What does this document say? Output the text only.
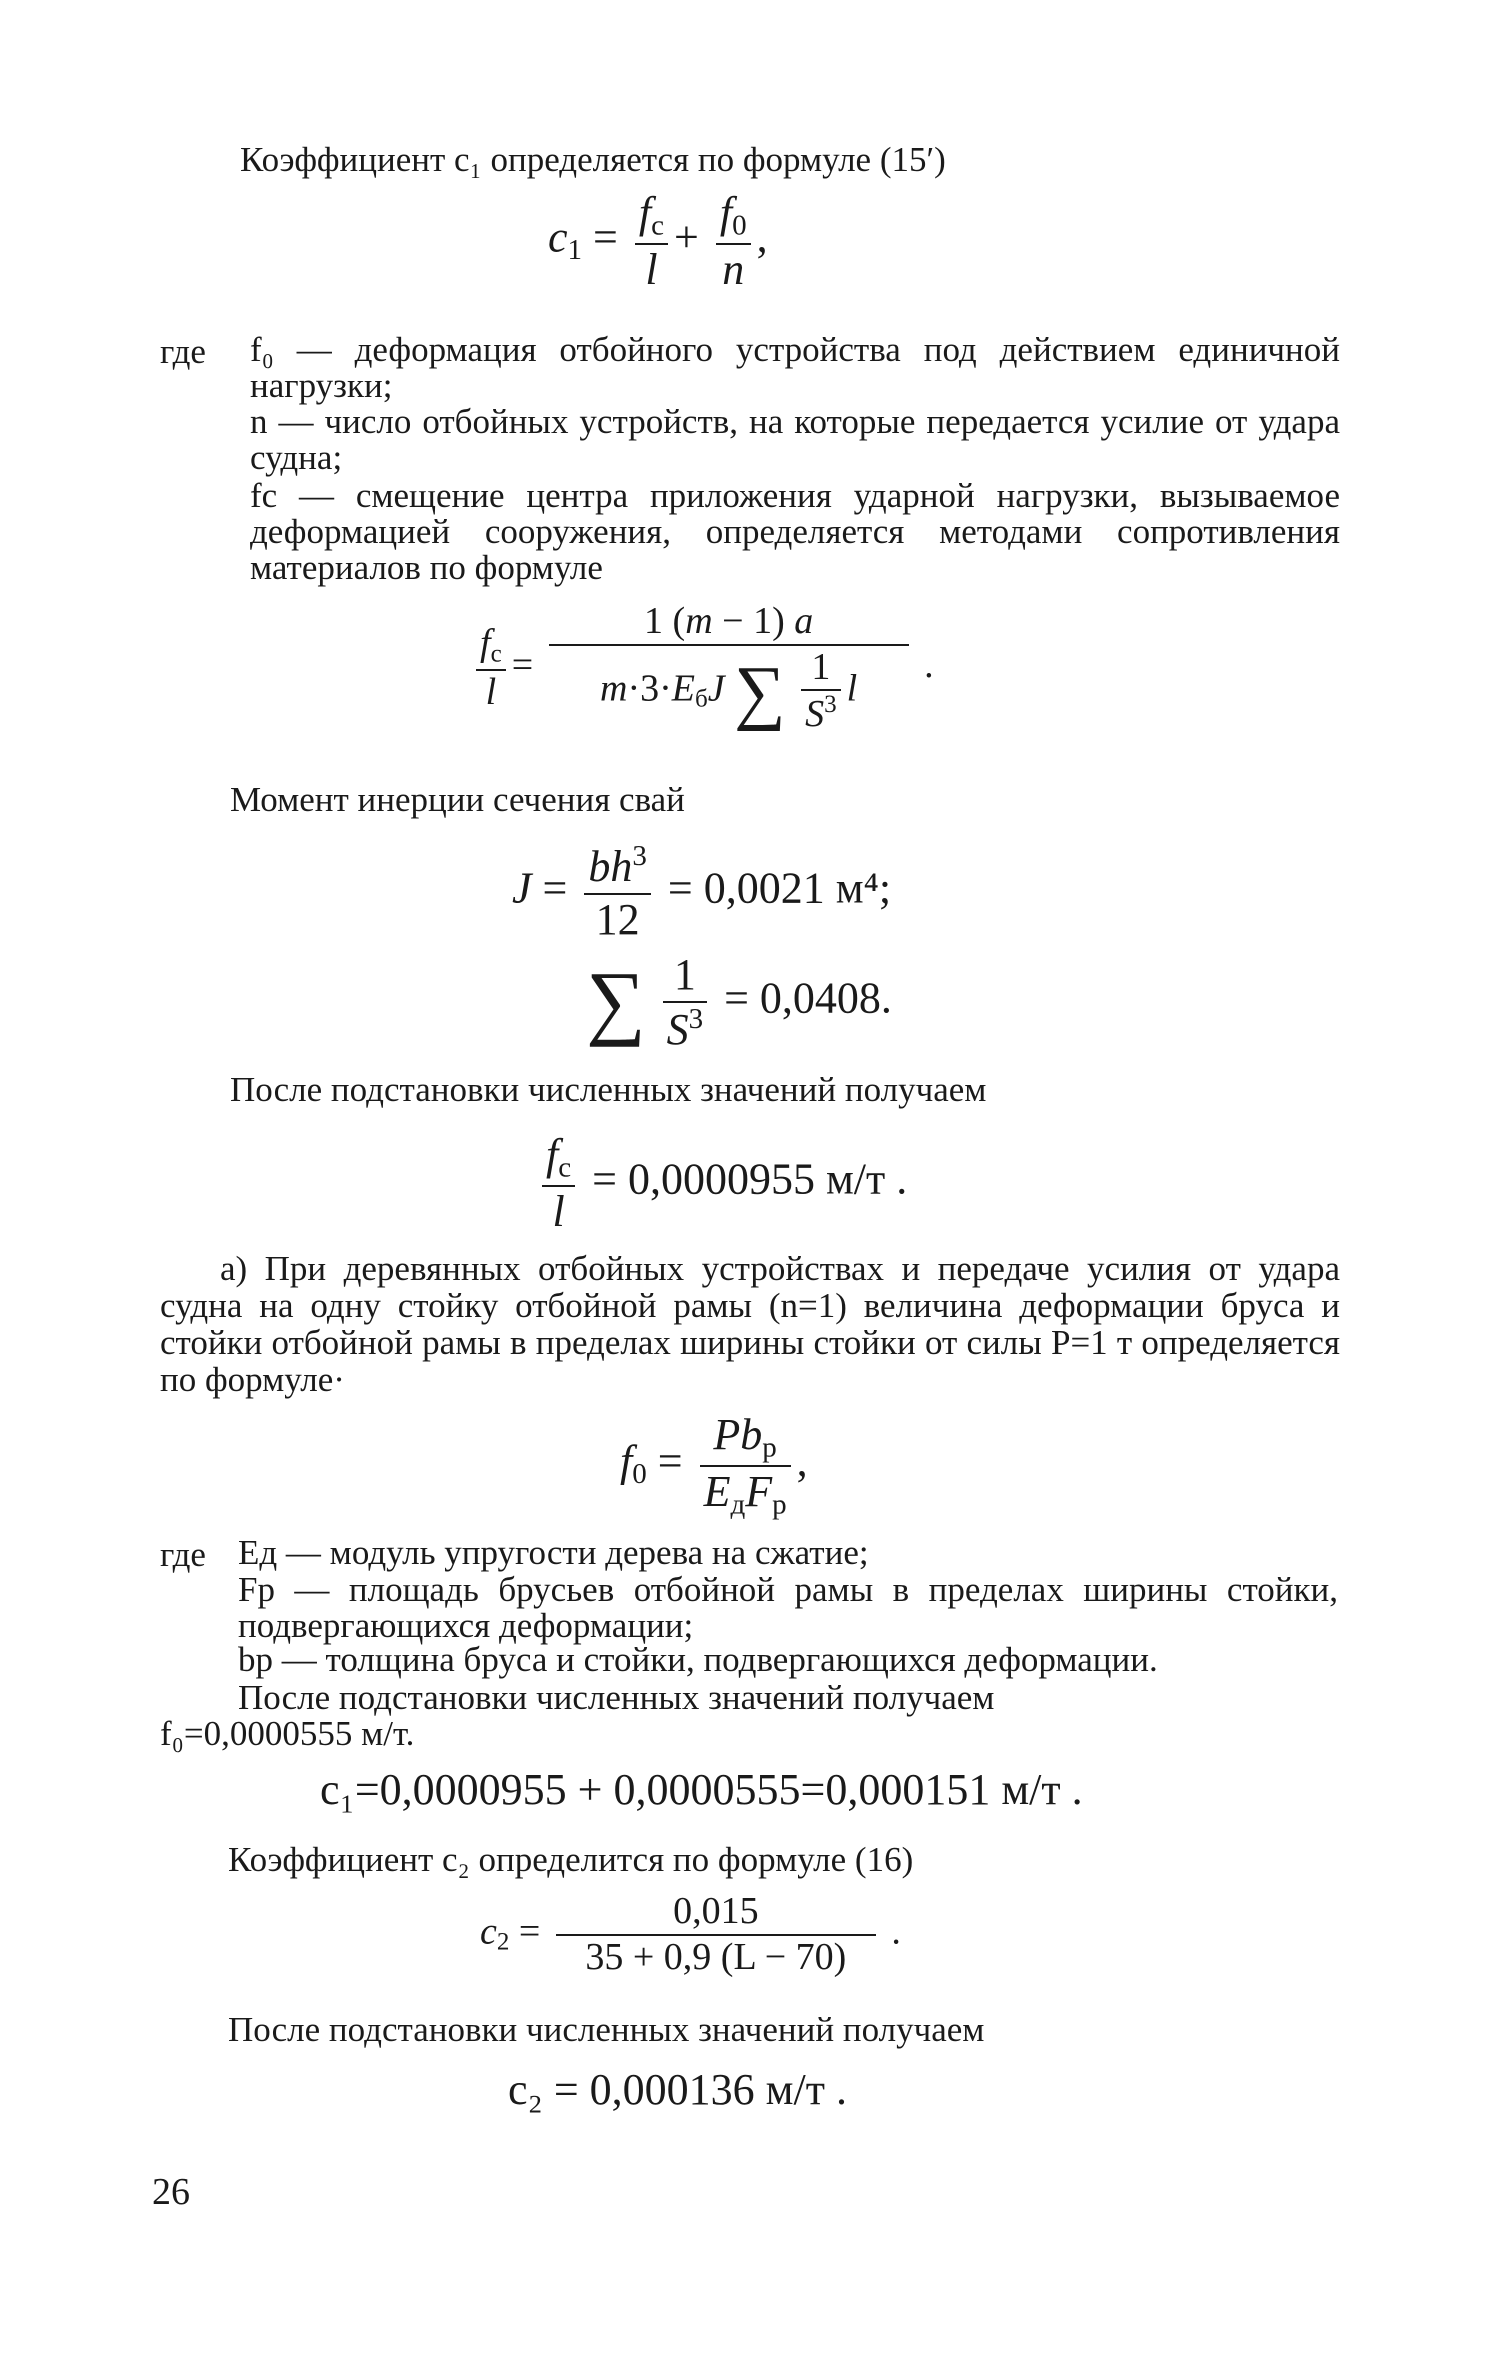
Коэффициент c₁ определяется по формуле (15′)
$c_1 = \frac{f_c}{l} + \frac{f_0}{n}$ ,
где f₀ — деформация отбойного устройства под действием единичной нагрузки;
n — число отбойных устройств, на которые передается усилие от удара судна;
fс — смещение центра приложения ударной нагрузки, вызываемое деформацией сооружения, определяется методами сопротивления материалов по формуле
$\frac{f_c}{l} = \frac{1 (m - 1) a}{m\cdot 3\cdot E_бJ \sum \frac{1}{S^3} l}$ .
Момент инерции сечения свай
$J = \frac{bh^3}{12} = 0,0021$ м⁴;
∑ $\frac{1}{S^3} = 0,0408$.
После подстановки численных значений получаем
$\frac{f_c}{l} = 0,0000955$ м/т .
а) При деревянных отбойных устройствах и передаче усилия от удара судна на одну стойку отбойной рамы (n=1) величина деформации бруса и стойки отбойной рамы в пределах ширины стойки от силы P=1 т определяется по формуле·
$f_0 = \frac{Pb_р}{E_дF_р}$ ,
где Eд — модуль упругости дерева на сжатие;
Fр — площадь брусьев отбойной рамы в пределах ширины стойки, подвергающихся деформации;
bр — толщина бруса и стойки, подвергающихся деформации.
После подстановки численных значений получаем
f₀=0,0000555 м/т.
c₁=0,0000955 + 0,0000555=0,000151 м/т .
Коэффициент c₂ определится по формуле (16)
$c_2 = \frac{0,015}{35 + 0,9 (L - 70)}$ .
После подстановки численных значений получаем
c₂ = 0,000136 м/т .
26
